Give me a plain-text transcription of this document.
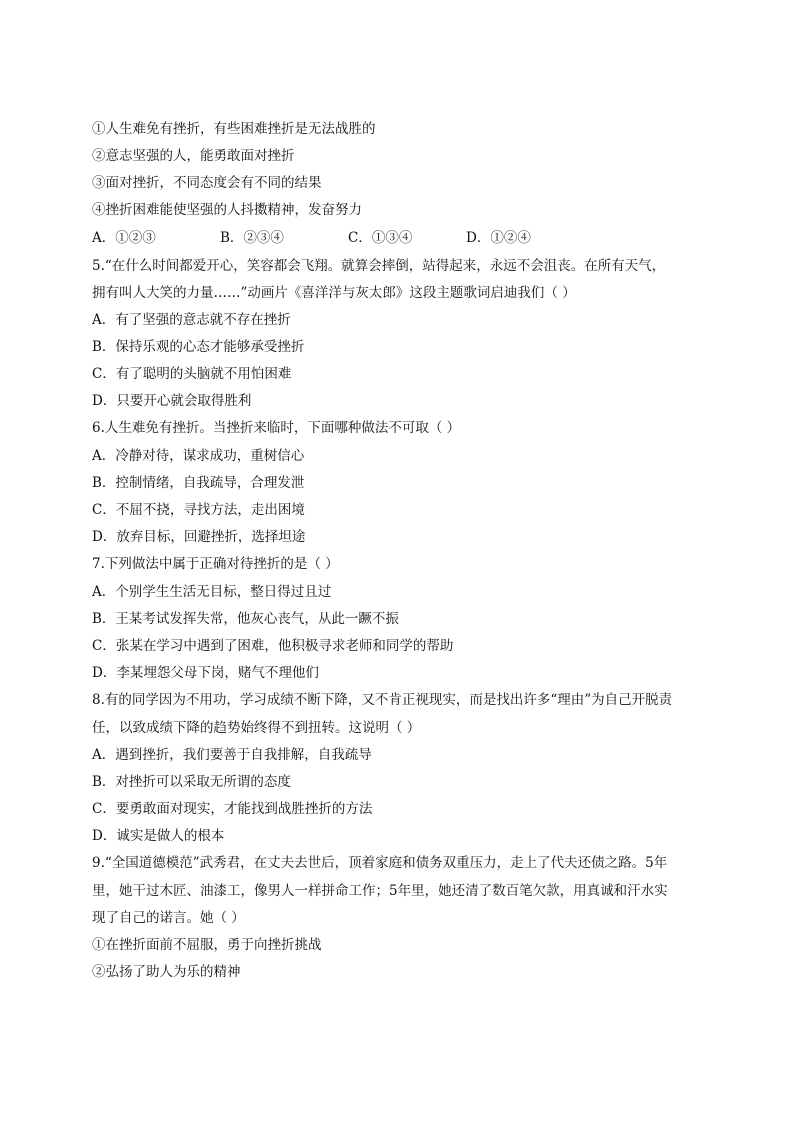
①人生难免有挫折，有些困难挫折是无法战胜的
②意志坚强的人，能勇敢面对挫折
③面对挫折，不同态度会有不同的结果
④挫折困难能使坚强的人抖擞精神，发奋努力
A．①②③	B．②③④	C．①③④	D．①②④
5.“在什么时间都爱开心，笑容都会飞翔。就算会摔倒，站得起来，永远不会沮丧。在所有天气，
拥有叫人大笑的力量……”动画片《喜洋洋与灰太郎》这段主题歌词启迪我们（ ）
A．有了坚强的意志就不存在挫折
B．保持乐观的心态才能够承受挫折
C．有了聪明的头脑就不用怕困难
D．只要开心就会取得胜利
6.人生难免有挫折。当挫折来临时，下面哪种做法不可取（ ）
A．冷静对待，谋求成功，重树信心
B．控制情绪，自我疏导，合理发泄
C．不屈不挠，寻找方法，走出困境
D．放弃目标，回避挫折，选择坦途
7.下列做法中属于正确对待挫折的是（ ）
A．个别学生生活无目标，整日得过且过
B．王某考试发挥失常，他灰心丧气，从此一蹶不振
C．张某在学习中遇到了困难，他积极寻求老师和同学的帮助
D．李某埋怨父母下岗，赌气不理他们
8.有的同学因为不用功，学习成绩不断下降，又不肯正视现实，而是找出许多“理由”为自己开脱责
任，以致成绩下降的趋势始终得不到扭转。这说明（ ）
A．遇到挫折，我们要善于自我排解，自我疏导
B．对挫折可以采取无所谓的态度
C．要勇敢面对现实，才能找到战胜挫折的方法
D．诚实是做人的根本
9.“全国道德模范”武秀君，在丈夫去世后，顶着家庭和债务双重压力，走上了代夫还债之路。5年
里，她干过木匠、油漆工，像男人一样拼命工作；5年里，她还清了数百笔欠款，用真诚和汗水实
现了自己的诺言。她（ ）
①在挫折面前不屈服，勇于向挫折挑战
②弘扬了助人为乐的精神
